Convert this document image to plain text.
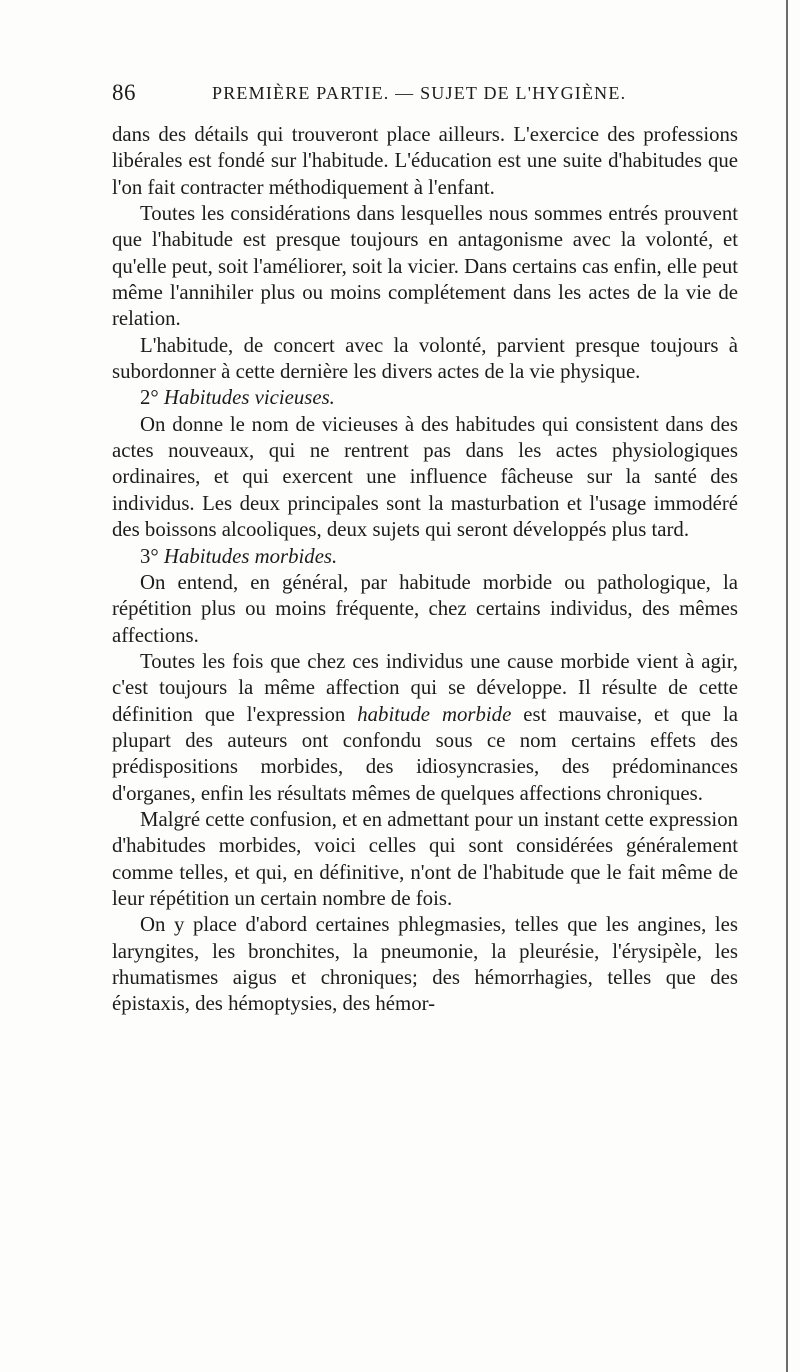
86	PREMIÈRE PARTIE. — SUJET DE L'HYGIÈNE.

dans des détails qui trouveront place ailleurs. L'exercice des professions libérales est fondé sur l'habitude. L'éducation est une suite d'habitudes que l'on fait contracter méthodiquement à l'enfant.

Toutes les considérations dans lesquelles nous sommes entrés prouvent que l'habitude est presque toujours en antagonisme avec la volonté, et qu'elle peut, soit l'améliorer, soit la vicier. Dans certains cas enfin, elle peut même l'annihiler plus ou moins complétement dans les actes de la vie de relation.

L'habitude, de concert avec la volonté, parvient presque toujours à subordonner à cette dernière les divers actes de la vie physique.

2° Habitudes vicieuses.

On donne le nom de vicieuses à des habitudes qui consistent dans des actes nouveaux, qui ne rentrent pas dans les actes physiologiques ordinaires, et qui exercent une influence fâcheuse sur la santé des individus. Les deux principales sont la masturbation et l'usage immodéré des boissons alcooliques, deux sujets qui seront développés plus tard.

3° Habitudes morbides.

On entend, en général, par habitude morbide ou pathologique, la répétition plus ou moins fréquente, chez certains individus, des mêmes affections.

Toutes les fois que chez ces individus une cause morbide vient à agir, c'est toujours la même affection qui se développe. Il résulte de cette définition que l'expression habitude morbide est mauvaise, et que la plupart des auteurs ont confondu sous ce nom certains effets des prédispositions morbides, des idiosyncrasies, des prédominances d'organes, enfin les résultats mêmes de quelques affections chroniques.

Malgré cette confusion, et en admettant pour un instant cette expression d'habitudes morbides, voici celles qui sont considérées généralement comme telles, et qui, en définitive, n'ont de l'habitude que le fait même de leur répétition un certain nombre de fois.

On y place d'abord certaines phlegmasies, telles que les angines, les laryngites, les bronchites, la pneumonie, la pleurésie, l'érysipèle, les rhumatismes aigus et chroniques; des hémorrhagies, telles que des épistaxis, des hémoptysies, des hémor-
